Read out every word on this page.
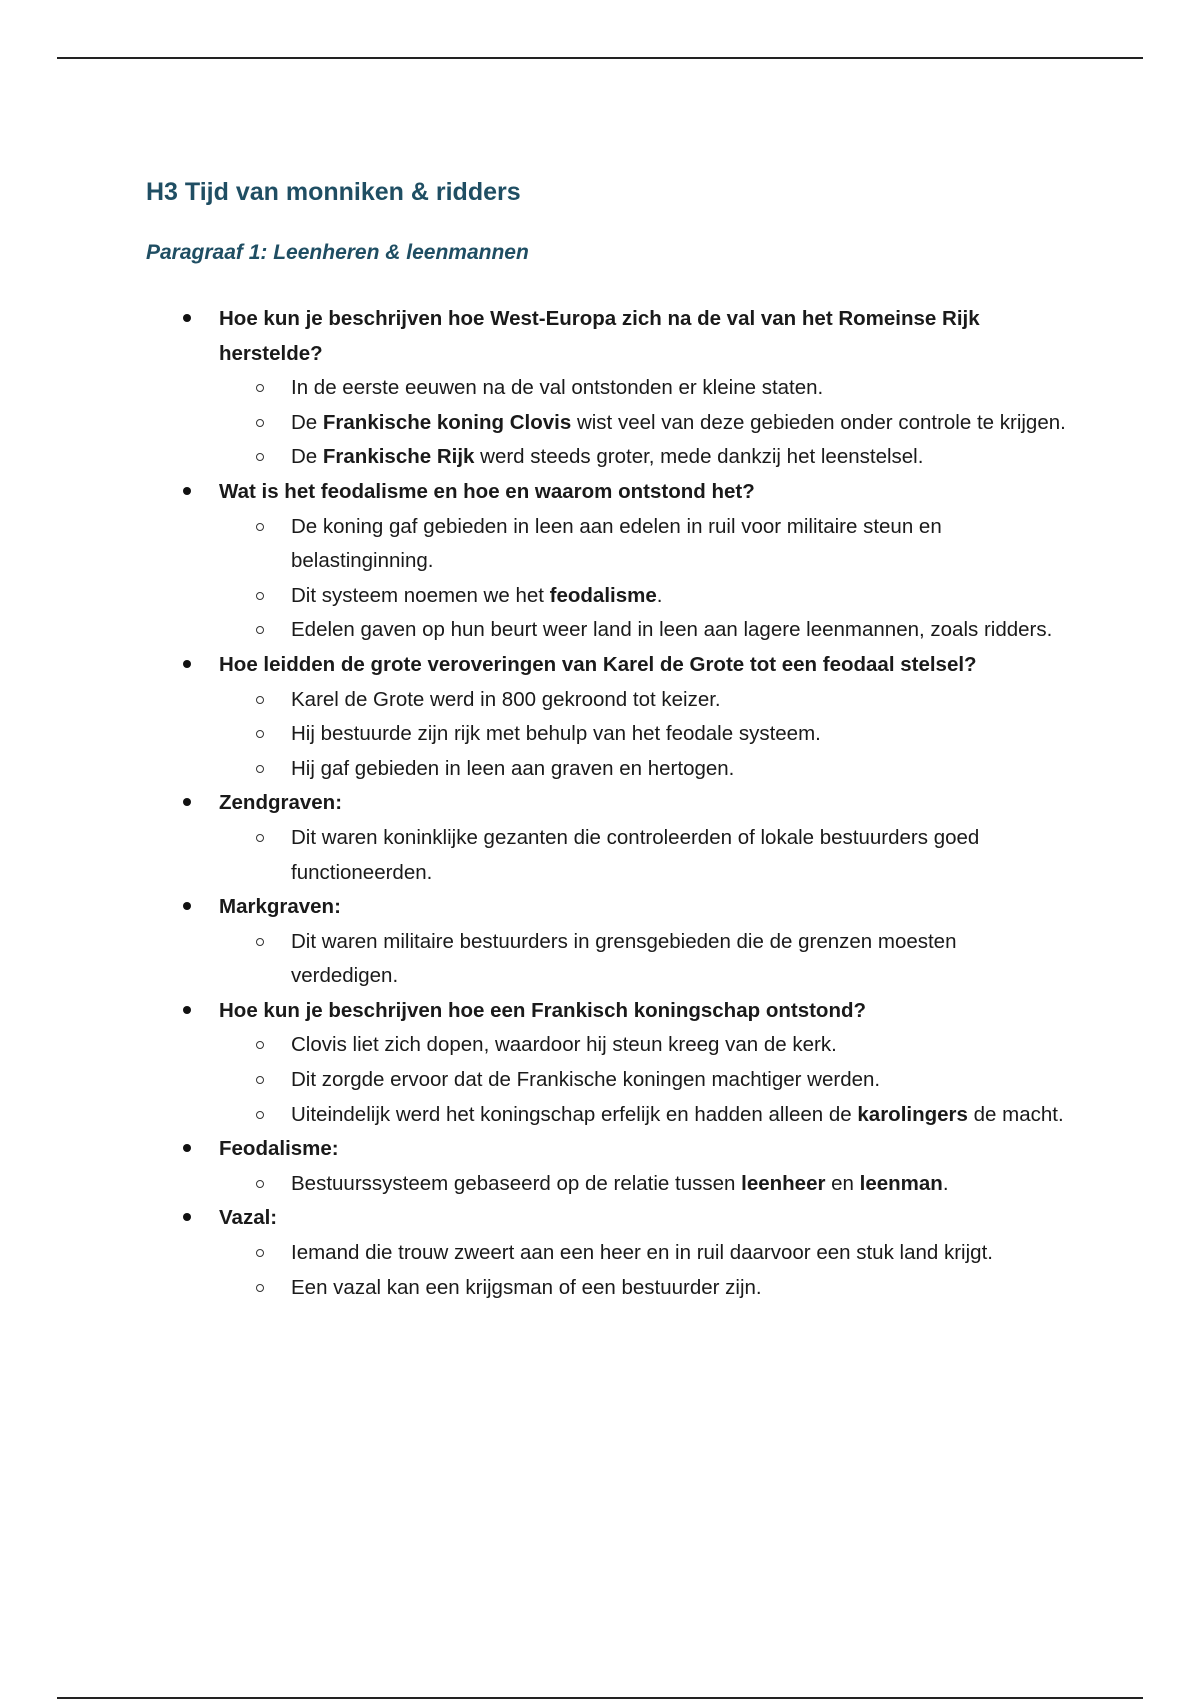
H3 Tijd van monniken & ridders
Paragraaf 1: Leenheren & leenmannen
Hoe kun je beschrijven hoe West-Europa zich na de val van het Romeinse Rijk herstelde?
In de eerste eeuwen na de val ontstonden er kleine staten.
De Frankische koning Clovis wist veel van deze gebieden onder controle te krijgen.
De Frankische Rijk werd steeds groter, mede dankzij het leenstelsel.
Wat is het feodalisme en hoe en waarom ontstond het?
De koning gaf gebieden in leen aan edelen in ruil voor militaire steun en belastinginning.
Dit systeem noemen we het feodalisme.
Edelen gaven op hun beurt weer land in leen aan lagere leenmannen, zoals ridders.
Hoe leidden de grote veroveringen van Karel de Grote tot een feodaal stelsel?
Karel de Grote werd in 800 gekroond tot keizer.
Hij bestuurde zijn rijk met behulp van het feodale systeem.
Hij gaf gebieden in leen aan graven en hertogen.
Zendgraven:
Dit waren koninklijke gezanten die controleerden of lokale bestuurders goed functioneerden.
Markgraven:
Dit waren militaire bestuurders in grensgebieden die de grenzen moesten verdedigen.
Hoe kun je beschrijven hoe een Frankisch koningschap ontstond?
Clovis liet zich dopen, waardoor hij steun kreeg van de kerk.
Dit zorgde ervoor dat de Frankische koningen machtiger werden.
Uiteindelijk werd het koningschap erfelijk en hadden alleen de karolingers de macht.
Feodalisme:
Bestuurssysteem gebaseerd op de relatie tussen leenheer en leenman.
Vazal:
Iemand die trouw zweert aan een heer en in ruil daarvoor een stuk land krijgt.
Een vazal kan een krijgsman of een bestuurder zijn.
